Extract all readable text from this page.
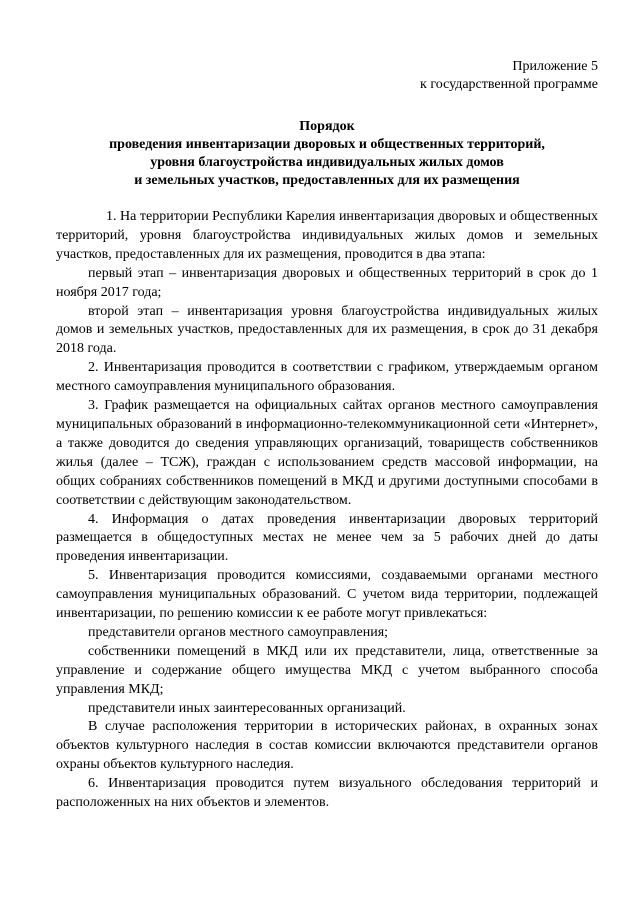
Приложение 5
к государственной программе
Порядок
проведения инвентаризации дворовых и общественных территорий,
уровня благоустройства индивидуальных жилых домов
и земельных участков, предоставленных для их размещения

1. На территории Республики Карелия инвентаризация дворовых и общественных территорий, уровня благоустройства индивидуальных жилых домов и земельных участков, предоставленных для их размещения, проводится в два этапа:

первый этап – инвентаризация дворовых и общественных территорий в срок до 1 ноября 2017 года;

второй этап – инвентаризация уровня благоустройства индивидуальных жилых домов и земельных участков, предоставленных для их размещения, в срок до 31 декабря 2018 года.

2. Инвентаризация проводится в соответствии с графиком, утверждаемым органом местного самоуправления муниципального образования.

3. График размещается на официальных сайтах органов местного самоуправления муниципальных образований в информационно-телекоммуникационной сети «Интернет», а также доводится до сведения управляющих организаций, товариществ собственников жилья (далее – ТСЖ), граждан с использованием средств массовой информации, на общих собраниях собственников помещений в МКД и другими доступными способами в соответствии с действующим законодательством.

4. Информация о датах проведения инвентаризации дворовых территорий размещается в общедоступных местах не менее чем за 5 рабочих дней до даты проведения инвентаризации.

5. Инвентаризация проводится комиссиями, создаваемыми органами местного самоуправления муниципальных образований. С учетом вида территории, подлежащей инвентаризации, по решению комиссии к ее работе могут привлекаться:

представители органов местного самоуправления;

собственники помещений в МКД или их представители, лица, ответственные за управление и содержание общего имущества МКД с учетом выбранного способа управления МКД;

представители иных заинтересованных организаций.

В случае расположения территории в исторических районах, в охранных зонах объектов культурного наследия в состав комиссии включаются представители органов охраны объектов культурного наследия.

6. Инвентаризация проводится путем визуального обследования территорий и расположенных на них объектов и элементов.
